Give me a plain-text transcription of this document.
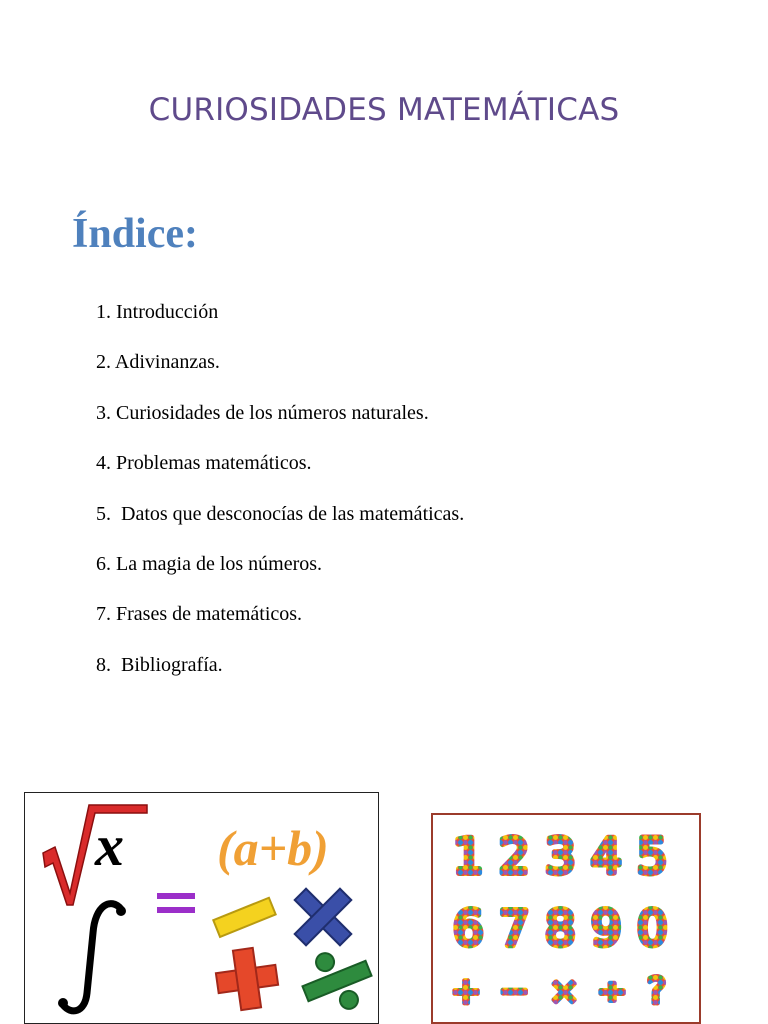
CURIOSIDADES MATEMÁTICAS
Índice:
1. Introducción
2. Adivinanzas.
3. Curiosidades de los números naturales.
4. Problemas matemáticos.
5.  Datos que desconocías de las matemáticas.
6. La magia de los números.
7. Frases de matemáticos.
8.  Bibliografía.
x (a+b)	1 2 3 4 5
6 7 8 9 0
+ − × ÷ ?
